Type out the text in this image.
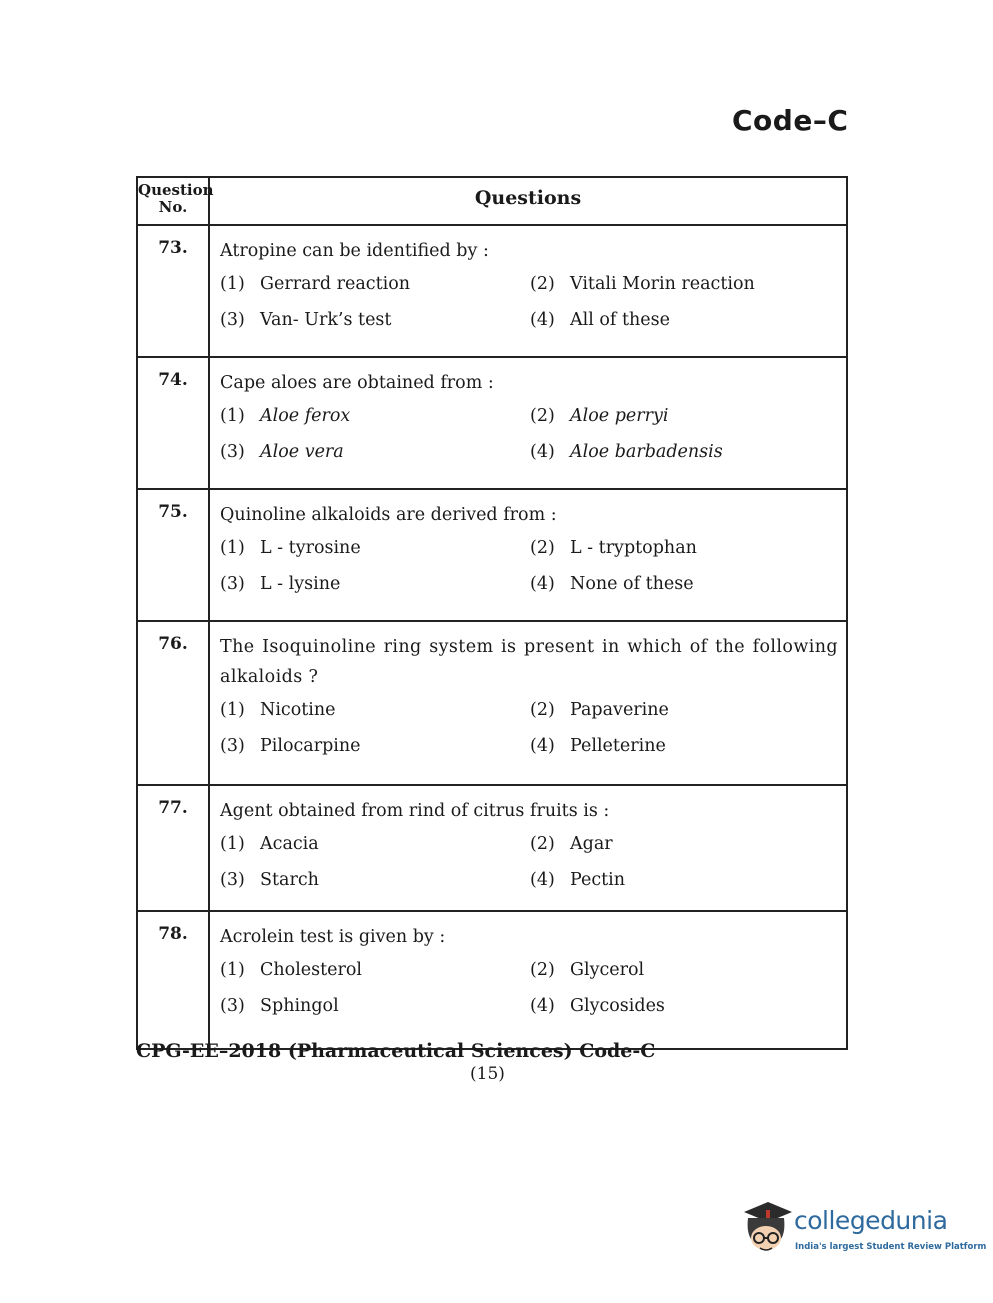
Code–C
Question No.	Questions
73.	Atropine can be identified by :
(1) Gerrard reaction	(2) Vitali Morin reaction
(3) Van- Urk’s test	(4) All of these
74.	Cape aloes are obtained from :
(1) Aloe ferox	(2) Aloe perryi
(3) Aloe vera	(4) Aloe barbadensis
75.	Quinoline alkaloids are derived from :
(1) L - tyrosine	(2) L - tryptophan
(3) L - lysine	(4) None of these
76.	The Isoquinoline ring system is present in which of the following alkaloids ?
(1) Nicotine	(2) Papaverine
(3) Pilocarpine	(4) Pelleterine
77.	Agent obtained from rind of citrus fruits is :
(1) Acacia	(2) Agar
(3) Starch	(4) Pectin
78.	Acrolein test is given by :
(1) Cholesterol	(2) Glycerol
(3) Sphingol	(4) Glycosides
CPG-EE–2018 (Pharmaceutical Sciences) Code-C
(15)
collegedunia
India's largest Student Review Platform
